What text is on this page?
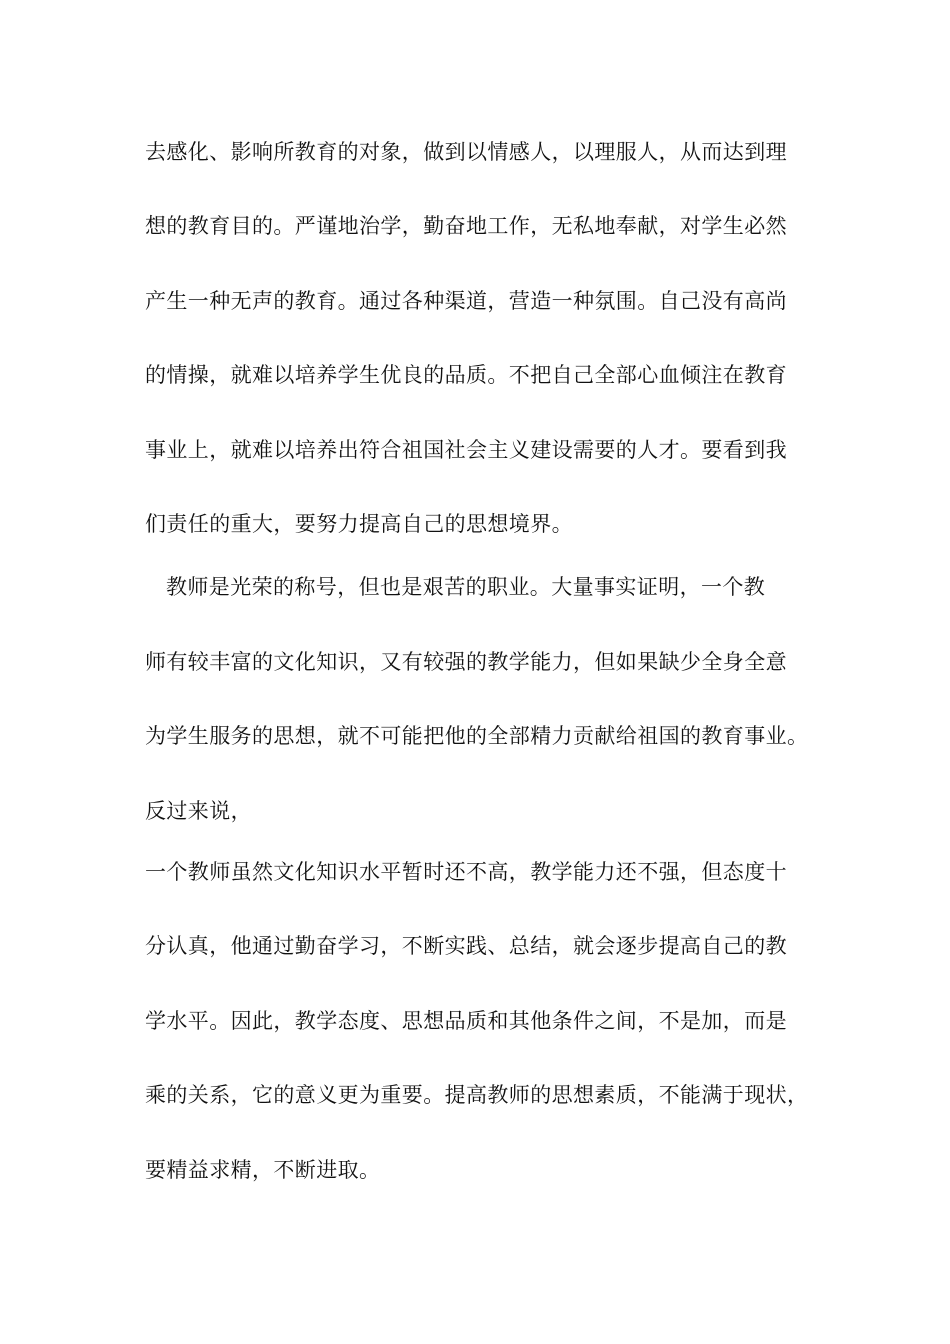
去感化、影响所教育的对象，做到以情感人，以理服人，从而达到理
想的教育目的。严谨地治学，勤奋地工作，无私地奉献，对学生必然
产生一种无声的教育。通过各种渠道，营造一种氛围。自己没有高尚
的情操，就难以培养学生优良的品质。不把自己全部心血倾注在教育
事业上，就难以培养出符合祖国社会主义建设需要的人才。要看到我
们责任的重大，要努力提高自己的思想境界。
教师是光荣的称号，但也是艰苦的职业。大量事实证明，一个教
师有较丰富的文化知识，又有较强的教学能力，但如果缺少全身全意
为学生服务的思想，就不可能把他的全部精力贡献给祖国的教育事业。
反过来说，
一个教师虽然文化知识水平暂时还不高，教学能力还不强，但态度十
分认真，他通过勤奋学习，不断实践、总结，就会逐步提高自己的教
学水平。因此，教学态度、思想品质和其他条件之间，不是加，而是
乘的关系，它的意义更为重要。提高教师的思想素质，不能满于现状，
要精益求精，不断进取。
